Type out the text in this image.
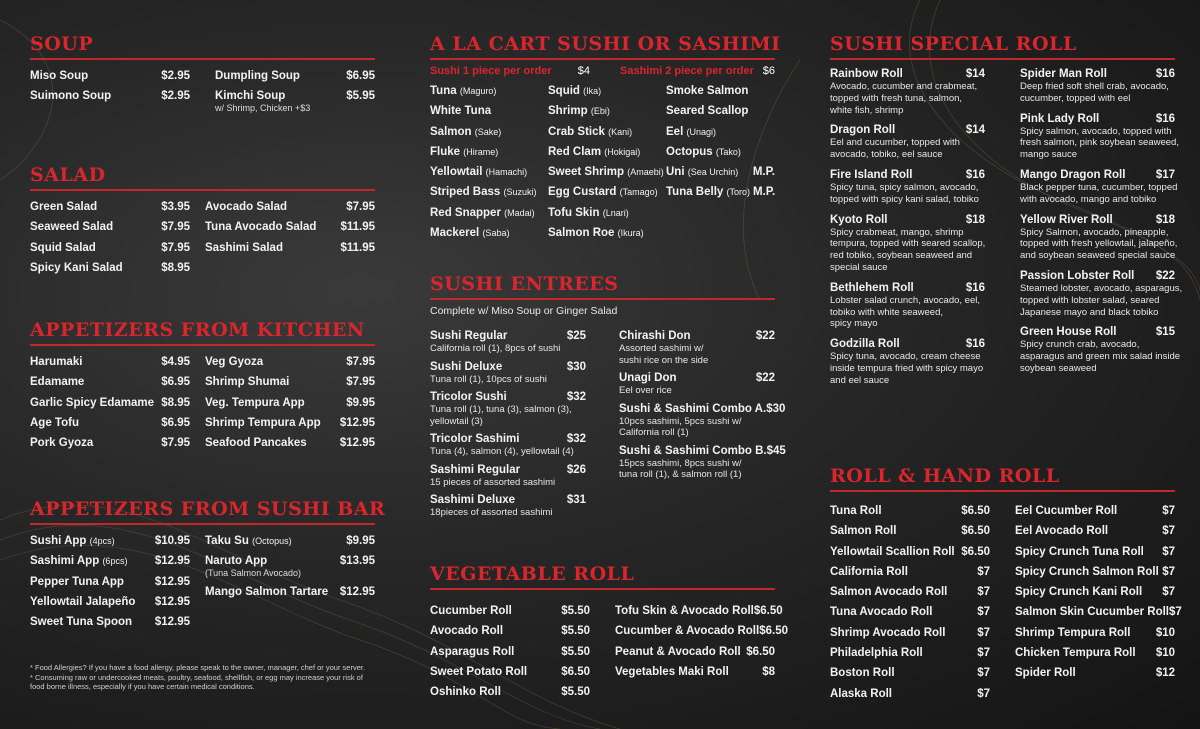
SOUP
Miso Soup	$2.95
Suimono Soup	$2.95
Dumpling Soup	$6.95
Kimchi Soup	$5.95
w/ Shrimp, Chicken +$3
SALAD
Green Salad	$3.95
Seaweed Salad	$7.95
Squid Salad	$7.95
Spicy Kani Salad	$8.95
Avocado Salad	$7.95
Tuna Avocado Salad $11.95
Sashimi Salad	$11.95
APPETIZERS FROM KITCHEN
Harumaki	$4.95
Edamame	$6.95
Garlic Spicy Edamame $8.95
Age Tofu	$6.95
Pork Gyoza	$7.95
Veg Gyoza	$7.95
Shrimp Shumai	$7.95
Veg. Tempura App	$9.95
Shrimp Tempura App $12.95
Seafood Pancakes	$12.95
APPETIZERS FROM SUSHI BAR
Sushi App (4pcs)	$10.95
Sashimi App (6pcs) $12.95
Pepper Tuna App	$12.95
Yellowtail Jalapeño $12.95
Sweet Tuna Spoon $12.95
Taku Su (Octopus)	$9.95
Naruto App	$13.95
(Tuna Salmon Avocado)
Mango Salmon Tartare $12.95
* Food Allergies? If you have a food allergy, please speak to the owner, manager, chef or your server.
* Consuming raw or undercooked meats, poultry, seafood, shellfish, or egg may increase your risk of
food borne illness, especially if you have certain medical conditions.
A LA CART SUSHI OR SASHIMI
Sushi 1 piece per order $4	Sashimi 2 piece per order $6
Tuna (Maguro)
White Tuna
Salmon (Sake)
Fluke (Hirame)
Yellowtail (Hamachi)
Striped Bass (Suzuki)
Red Snapper (Madai)
Mackerel (Saba)
Squid (Ika)
Shrimp (Ebi)
Crab Stick (Kani)
Red Clam (Hokigai)
Sweet Shrimp (Amaebi)
Egg Custard (Tamago)
Tofu Skin (Lnari)
Salmon Roe (Ikura)
Smoke Salmon
Seared Scallop
Eel (Unagi)
Octopus (Tako)
Uni (Sea Urchin) M.P.
Tuna Belly (Toro) M.P.
SUSHI ENTREES
Complete w/ Miso Soup or Ginger Salad
Sushi Regular	$25
California roll (1), 8pcs of sushi
Sushi Deluxe	$30
Tuna roll (1), 10pcs of sushi
Tricolor Sushi	$32
Tuna roll (1), tuna (3), salmon (3),
yellowtail (3)
Tricolor Sashimi	$32
Tuna (4), salmon (4), yellowtail (4)
Sashimi Regular	$26
15 pieces of assorted sashimi
Sashimi Deluxe	$31
18pieces of assorted sashimi
Chirashi Don	$22
Assorted sashimi w/
sushi rice on the side
Unagi Don	$22
Eel over rice
Sushi & Sashimi Combo A. $30
10pcs sashimi, 5pcs sushi w/
California roll (1)
Sushi & Sashimi Combo B. $45
15pcs sashimi, 8pcs sushi w/
tuna roll (1), & salmon roll (1)
VEGETABLE ROLL
Cucumber Roll	$5.50
Avocado Roll	$5.50
Asparagus Roll	$5.50
Sweet Potato Roll	$6.50
Oshinko Roll	$5.50
Tofu Skin & Avocado Roll $6.50
Cucumber & Avocado Roll $6.50
Peanut & Avocado Roll $6.50
Vegetables Maki Roll	$8
SUSHI SPECIAL ROLL
Rainbow Roll	$14
Avocado, cucumber and crabmeat,
topped with fresh tuna, salmon,
white fish, shrimp
Dragon Roll	$14
Eel and cucumber, topped with
avocado, tobiko, eel sauce
Fire Island Roll	$16
Spicy tuna, spicy salmon, avocado,
topped with spicy kani salad, tobiko
Kyoto Roll	$18
Spicy crabmeat, mango, shrimp
tempura, topped with seared scallop,
red tobiko, soybean seaweed and
special sauce
Bethlehem Roll	$16
Lobster salad crunch, avocado, eel,
tobiko with white seaweed,
spicy mayo
Godzilla Roll	$16
Spicy tuna, avocado, cream cheese
inside tempura fried with spicy mayo
and eel sauce
Spider Man Roll	$16
Deep fried soft shell crab, avocado,
cucumber, topped with eel
Pink Lady Roll	$16
Spicy salmon, avocado, topped with
fresh salmon, pink soybean seaweed,
mango sauce
Mango Dragon Roll	$17
Black pepper tuna, cucumber, topped
with avocado, mango and tobiko
Yellow River Roll	$18
Spicy Salmon, avocado, pineapple,
topped with fresh yellowtail, jalapeño,
and soybean seaweed special sauce
Passion Lobster Roll $22
Steamed lobster, avocado, asparagus,
topped with lobster salad, seared
Japanese mayo and black tobiko
Green House Roll	$15
Spicy crunch crab, avocado,
asparagus and green mix salad inside
soybean seaweed
ROLL & HAND ROLL
Tuna Roll	$6.50
Salmon Roll	$6.50
Yellowtail Scallion Roll $6.50
California Roll	$7
Salmon Avocado Roll	$7
Tuna Avocado Roll	$7
Shrimp Avocado Roll	$7
Philadelphia Roll	$7
Boston Roll	$7
Alaska Roll	$7
Eel Cucumber Roll	$7
Eel Avocado Roll	$7
Spicy Crunch Tuna Roll $7
Spicy Crunch Salmon Roll $7
Spicy Crunch Kani Roll $7
Salmon Skin Cucumber Roll $7
Shrimp Tempura Roll $10
Chicken Tempura Roll $10
Spider Roll	$12
